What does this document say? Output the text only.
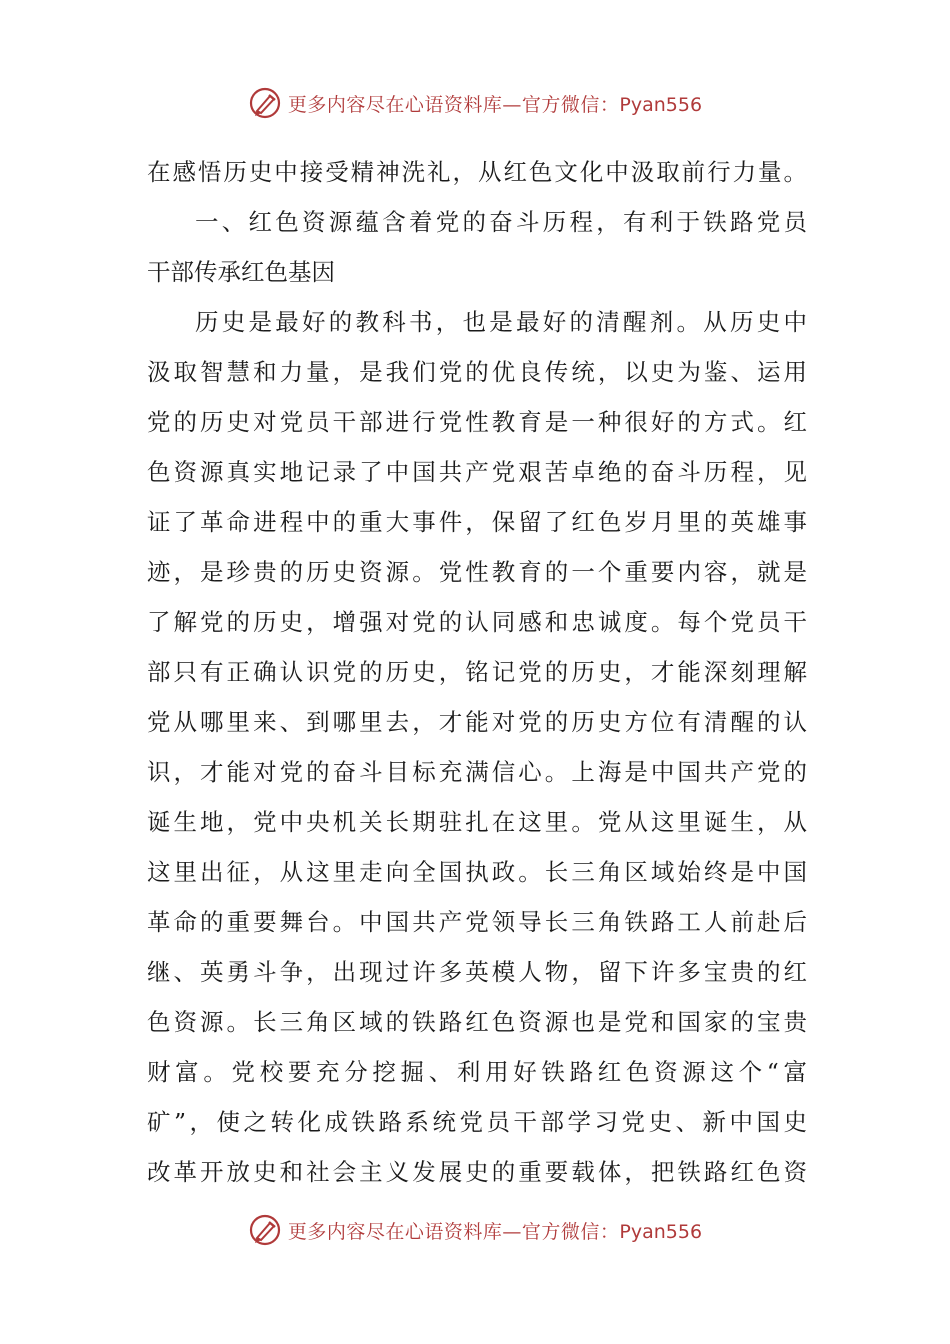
更多内容尽在心语资料库—官方微信：Pyan556
在感悟历史中接受精神洗礼，从红色文化中汲取前行力量。
一、红色资源蕴含着党的奋斗历程，有利于铁路党员
干部传承红色基因
历史是最好的教科书，也是最好的清醒剂。从历史中
汲取智慧和力量，是我们党的优良传统，以史为鉴、运用
党的历史对党员干部进行党性教育是一种很好的方式。红
色资源真实地记录了中国共产党艰苦卓绝的奋斗历程，见
证了革命进程中的重大事件，保留了红色岁月里的英雄事
迹，是珍贵的历史资源。党性教育的一个重要内容，就是
了解党的历史，增强对党的认同感和忠诚度。每个党员干
部只有正确认识党的历史，铭记党的历史，才能深刻理解
党从哪里来、到哪里去，才能对党的历史方位有清醒的认
识，才能对党的奋斗目标充满信心。上海是中国共产党的
诞生地，党中央机关长期驻扎在这里。党从这里诞生，从
这里出征，从这里走向全国执政。长三角区域始终是中国
革命的重要舞台。中国共产党领导长三角铁路工人前赴后
继、英勇斗争，出现过许多英模人物，留下许多宝贵的红
色资源。长三角区域的铁路红色资源也是党和国家的宝贵
财富。党校要充分挖掘、利用好铁路红色资源这个“富
矿”，使之转化成铁路系统党员干部学习党史、新中国史
改革开放史和社会主义发展史的重要载体，把铁路红色资
更多内容尽在心语资料库—官方微信：Pyan556
